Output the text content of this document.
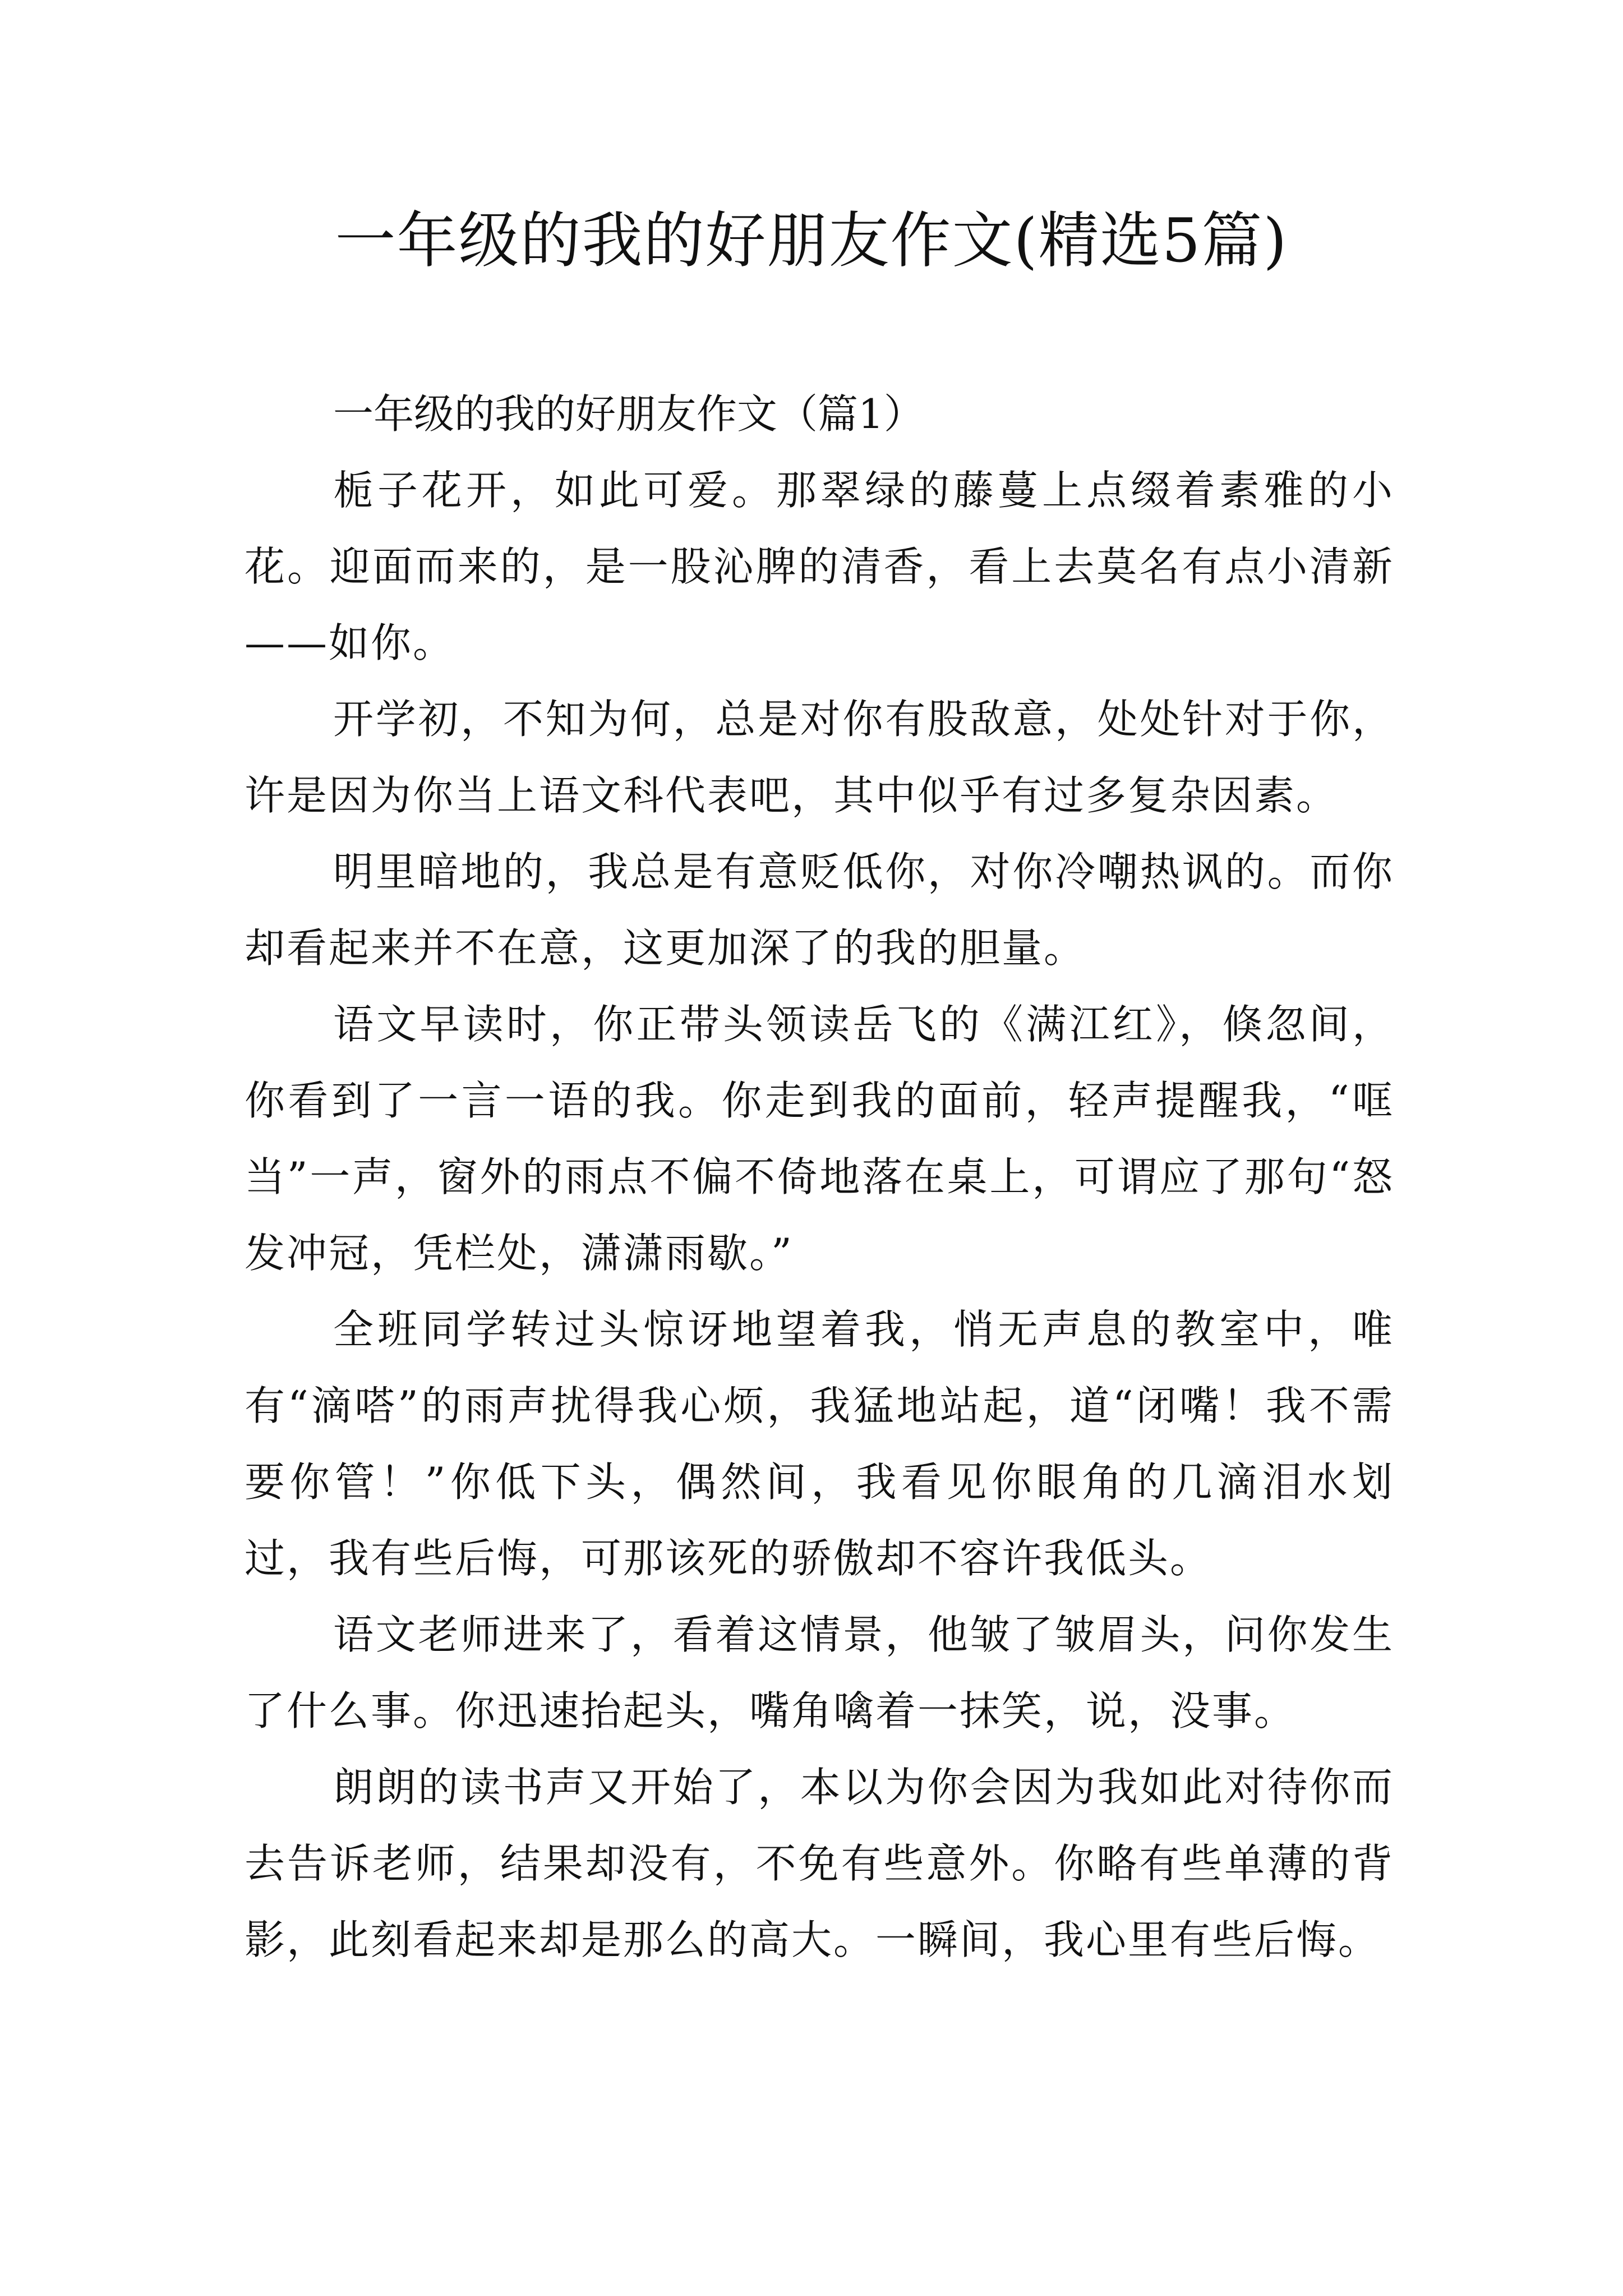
一年级的我的好朋友作文(精选5篇)

一年级的我的好朋友作文（篇1）

栀子花开，如此可爱。那翠绿的藤蔓上点缀着素雅的小花。迎面而来的，是一股沁脾的清香，看上去莫名有点小清新——如你。

开学初，不知为何，总是对你有股敌意，处处针对于你，许是因为你当上语文科代表吧，其中似乎有过多复杂因素。

明里暗地的，我总是有意贬低你，对你冷嘲热讽的。而你却看起来并不在意，这更加深了的我的胆量。

语文早读时，你正带头领读岳飞的《满江红》，倏忽间，你看到了一言一语的我。你走到我的面前，轻声提醒我，“哐当”一声，窗外的雨点不偏不倚地落在桌上，可谓应了那句“怒发冲冠，凭栏处，潇潇雨歇。”

全班同学转过头惊讶地望着我，悄无声息的教室中，唯有“滴嗒”的雨声扰得我心烦，我猛地站起，道“闭嘴！我不需要你管！”你低下头，偶然间，我看见你眼角的几滴泪水划过，我有些后悔，可那该死的骄傲却不容许我低头。

语文老师进来了，看着这情景，他皱了皱眉头，问你发生了什么事。你迅速抬起头，嘴角噙着一抹笑，说，没事。

朗朗的读书声又开始了，本以为你会因为我如此对待你而去告诉老师，结果却没有，不免有些意外。你略有些单薄的背影，此刻看起来却是那么的高大。一瞬间，我心里有些后悔。
